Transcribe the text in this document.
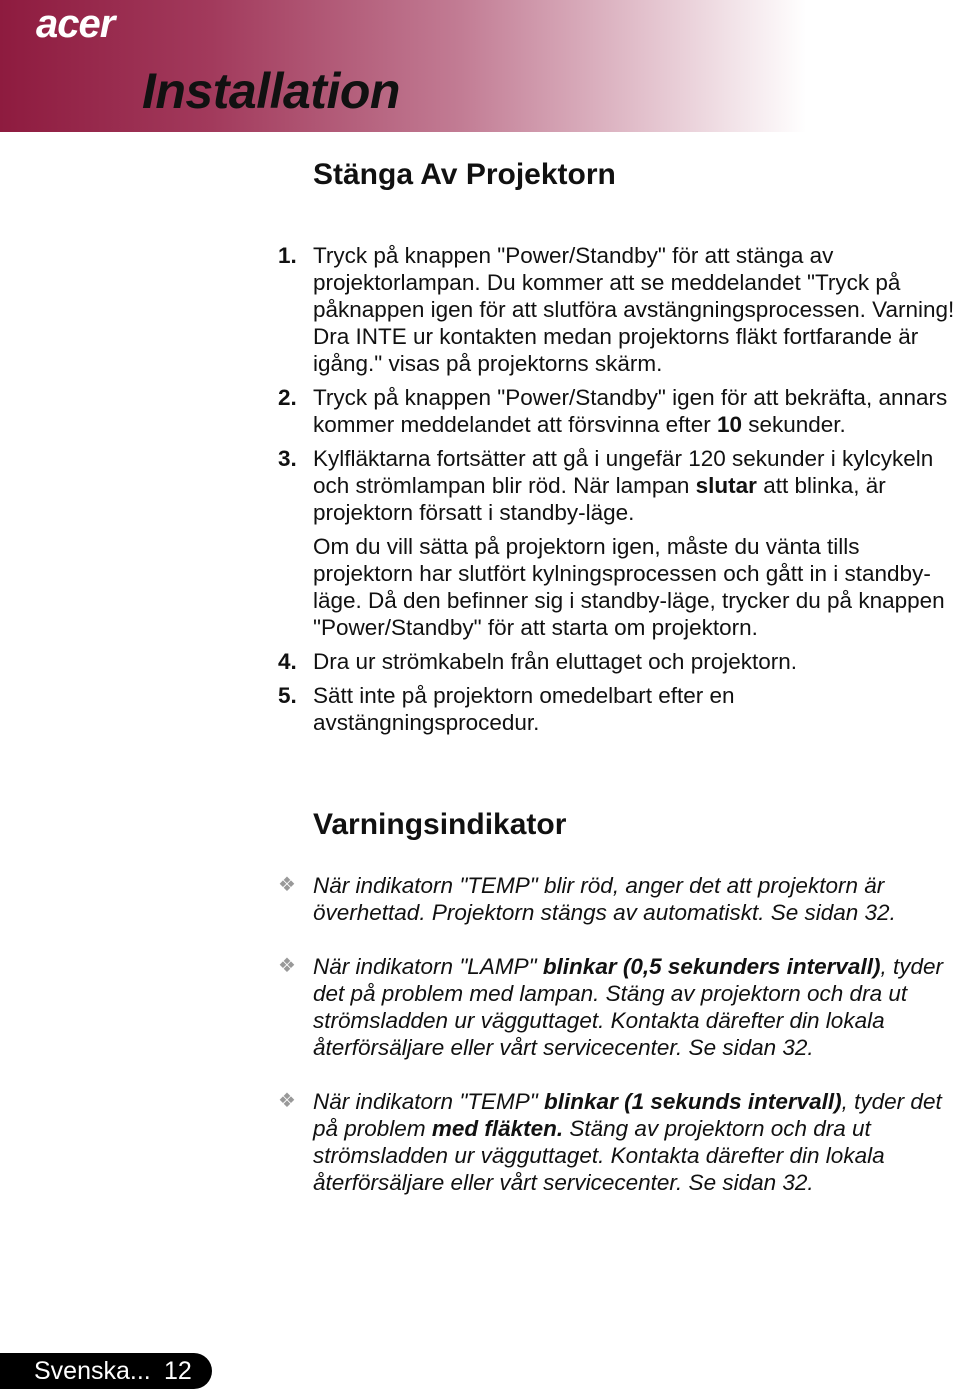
acer
Installation
Stänga Av Projektorn
1. Tryck på knappen "Power/Standby" för att stänga av projektorlampan. Du kommer att se meddelandet "Tryck på påknappen igen för att slutföra avstängningsprocessen. Varning! Dra INTE ur kontakten medan projektorns fläkt fortfarande är igång." visas på projektorns skärm.
2. Tryck på knappen "Power/Standby" igen för att bekräfta, annars kommer meddelandet att försvinna efter 10 sekunder.
3. Kylfläktarna fortsätter att gå i ungefär 120 sekunder i kylcykeln och strömlampan blir röd. När lampan slutar att blinka, är projektorn försatt i standby-läge.
Om du vill sätta på projektorn igen, måste du vänta tills projektorn har slutfört kylningsprocessen och gått in i standby-läge. Då den befinner sig i standby-läge, trycker du på knappen "Power/Standby" för att starta om projektorn.
4. Dra ur strömkabeln från eluttaget och projektorn.
5. Sätt inte på projektorn omedelbart efter en avstängningsprocedur.
Varningsindikator
❖ När indikatorn "TEMP" blir röd, anger det att projektorn är överhettad. Projektorn stängs av automatiskt. Se sidan 32.
❖ När indikatorn "LAMP" blinkar (0,5 sekunders intervall), tyder det på problem med lampan. Stäng av projektorn och dra ut strömsladden ur vägguttaget. Kontakta därefter din lokala återförsäljare eller vårt servicecenter. Se sidan 32.
❖ När indikatorn "TEMP" blinkar (1 sekunds intervall), tyder det på problem med fläkten. Stäng av projektorn och dra ut strömsladden ur vägguttaget. Kontakta därefter din lokala återförsäljare eller vårt servicecenter. Se sidan 32.
Svenska... 12
